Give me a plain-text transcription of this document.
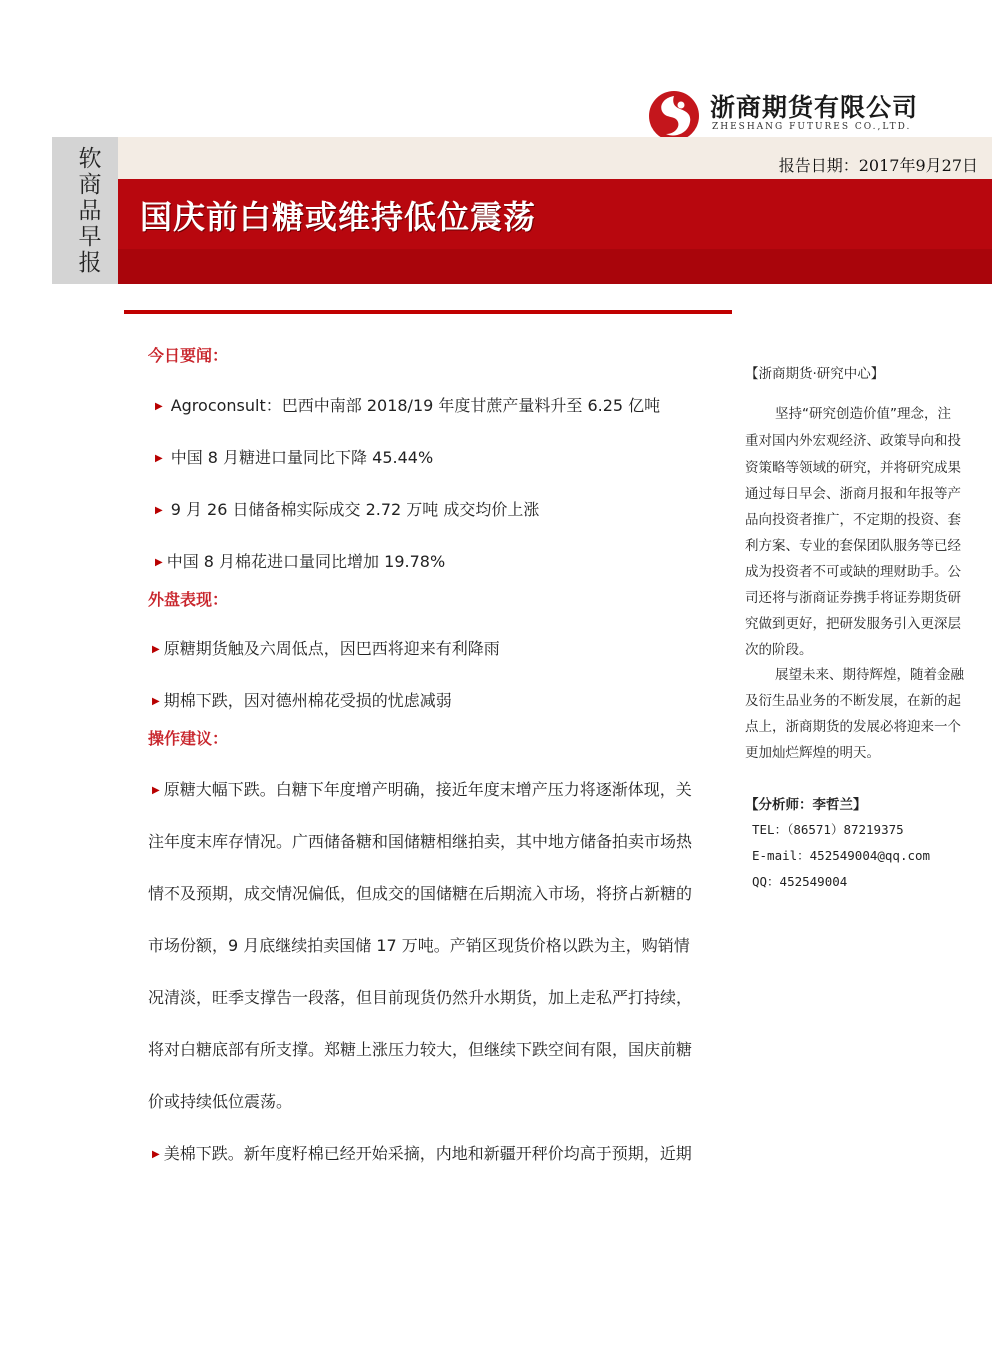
浙商期货有限公司
ZHESHANG FUTURES CO.,LTD.
软商品早报
报告日期：2017年9月27日
国庆前白糖或维持低位震荡
今日要闻：
▶ Agroconsult：巴西中南部 2018/19 年度甘蔗产量料升至 6.25 亿吨
▶ 中国 8 月糖进口量同比下降 45.44%
▶ 9 月 26 日储备棉实际成交 2.72 万吨 成交均价上涨
▶ 中国 8 月棉花进口量同比增加 19.78%
外盘表现：
▶ 原糖期货触及六周低点，因巴西将迎来有利降雨
▶ 期棉下跌，因对德州棉花受损的忧虑减弱
操作建议：
▶ 原糖大幅下跌。白糖下年度增产明确，接近年度末增产压力将逐渐体现，关
注年度末库存情况。广西储备糖和国储糖相继拍卖，其中地方储备拍卖市场热
情不及预期，成交情况偏低，但成交的国储糖在后期流入市场，将挤占新糖的
市场份额，9 月底继续拍卖国储 17 万吨。产销区现货价格以跌为主，购销情
况清淡，旺季支撑告一段落，但目前现货仍然升水期货，加上走私严打持续，
将对白糖底部有所支撑。郑糖上涨压力较大，但继续下跌空间有限，国庆前糖
价或持续低位震荡。
▶ 美棉下跌。新年度籽棉已经开始采摘，内地和新疆开秤价均高于预期，近期
【浙商期货·研究中心】
坚持“研究创造价值”理念，注
重对国内外宏观经济、政策导向和投
资策略等领域的研究，并将研究成果
通过每日早会、浙商月报和年报等产
品向投资者推广，不定期的投资、套
利方案、专业的套保团队服务等已经
成为投资者不可或缺的理财助手。公
司还将与浙商证券携手将证券期货研
究做到更好，把研发服务引入更深层
次的阶段。
展望未来、期待辉煌，随着金融
及衍生品业务的不断发展，在新的起
点上，浙商期货的发展必将迎来一个
更加灿烂辉煌的明天。
【分析师：李哲兰】
TEL：（86571）87219375
E-mail：452549004@qq.com
QQ：452549004
